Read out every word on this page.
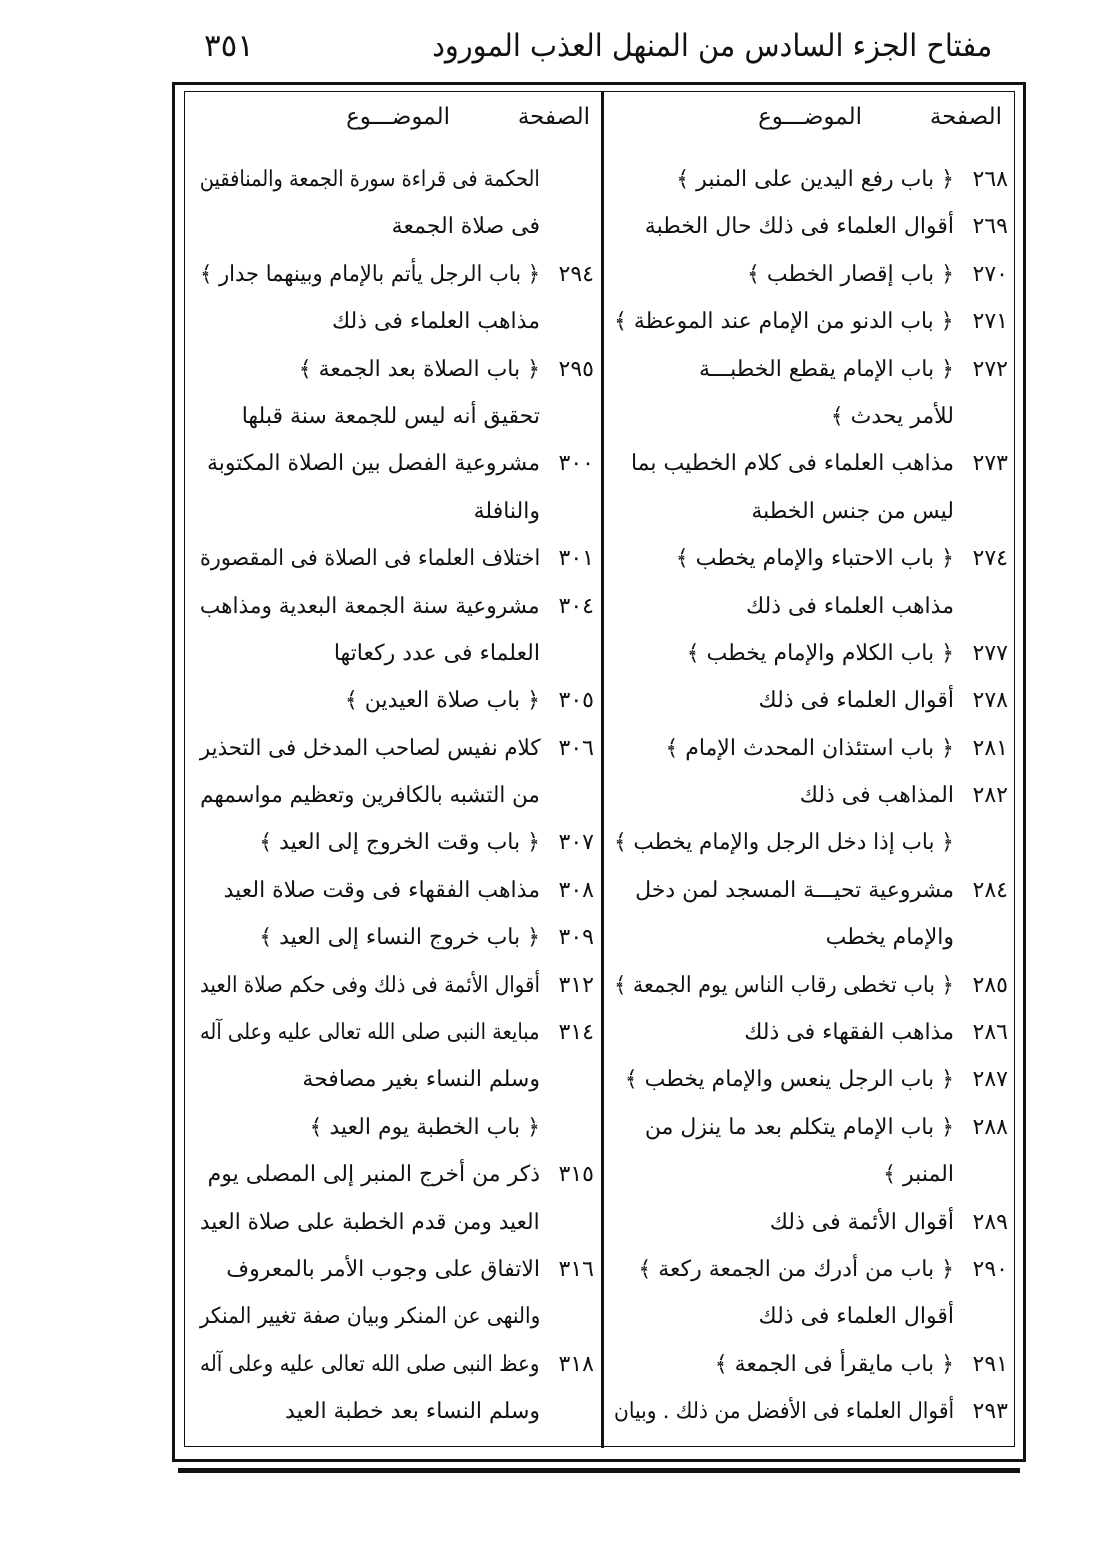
مفتاح الجزء السادس من المنهل العذب المورود
٣٥١
الصفحة
الموضـــوع
الصفحة
الموضـــوع
٢٦٨
﴿ باب رفع اليدين على المنبر ﴾
٢٦٩
أقوال العلماء فى ذلك حال الخطبة
٢٧٠
﴿ باب إقصار الخطب ﴾
٢٧١
﴿ باب الدنو من الإمام عند الموعظة ﴾
٢٧٢
﴿ باب الإمام يقطع الخطبـــة
للأمر يحدث ﴾
٢٧٣
مذاهب العلماء فى كلام الخطيب بما
ليس من جنس الخطبة
٢٧٤
﴿ باب الاحتباء والإمام يخطب ﴾
مذاهب العلماء فى ذلك
٢٧٧
﴿ باب الكلام والإمام يخطب ﴾
٢٧٨
أقوال العلماء فى ذلك
٢٨١
﴿ باب استئذان المحدث الإمام ﴾
٢٨٢
المذاهب فى ذلك
﴿ باب إذا دخل الرجل والإمام يخطب ﴾
٢٨٤
مشروعية تحيـــة المسجد لمن دخل
والإمام يخطب
٢٨٥
﴿ باب تخطى رقاب الناس يوم الجمعة ﴾
٢٨٦
مذاهب الفقهاء فى ذلك
٢٨٧
﴿ باب الرجل ينعس والإمام يخطب ﴾
٢٨٨
﴿ باب الإمام يتكلم بعد ما ينزل من
المنبر ﴾
٢٨٩
أقوال الأئمة فى ذلك
٢٩٠
﴿ باب من أدرك من الجمعة ركعة ﴾
أقوال العلماء فى ذلك
٢٩١
﴿ باب مايقرأ فى الجمعة ﴾
٢٩٣
أقوال العلماء فى الأفضل من ذلك . وبيان
الحكمة فى قراءة سورة الجمعة والمنافقين
فى صلاة الجمعة
٢٩٤
﴿ باب الرجل يأتم بالإمام وبينهما جدار ﴾
مذاهب العلماء فى ذلك
٢٩٥
﴿ باب الصلاة بعد الجمعة ﴾
تحقيق أنه ليس للجمعة سنة قبلها
٣٠٠
مشروعية الفصل بين الصلاة المكتوبة
والنافلة
٣٠١
اختلاف العلماء فى الصلاة فى المقصورة
٣٠٤
مشروعية سنة الجمعة البعدية ومذاهب
العلماء فى عدد ركعاتها
٣٠٥
﴿ باب صلاة العيدين ﴾
٣٠٦
كلام نفيس لصاحب المدخل فى التحذير
من التشبه بالكافرين وتعظيم مواسمهم
٣٠٧
﴿ باب وقت الخروج إلى العيد ﴾
٣٠٨
مذاهب الفقهاء فى وقت صلاة العيد
٣٠٩
﴿ باب خروج النساء إلى العيد ﴾
٣١٢
أقوال الأئمة فى ذلك وفى حكم صلاة العيد
٣١٤
مبايعة النبى صلى الله تعالى عليه وعلى آله
وسلم النساء بغير مصافحة
﴿ باب الخطبة يوم العيد ﴾
٣١٥
ذكر من أخرج المنبر إلى المصلى يوم
العيد ومن قدم الخطبة على صلاة العيد
٣١٦
الاتفاق على وجوب الأمر بالمعروف
والنهى عن المنكر وبيان صفة تغيير المنكر
٣١٨
وعظ النبى صلى الله تعالى عليه وعلى آله
وسلم النساء بعد خطبة العيد
